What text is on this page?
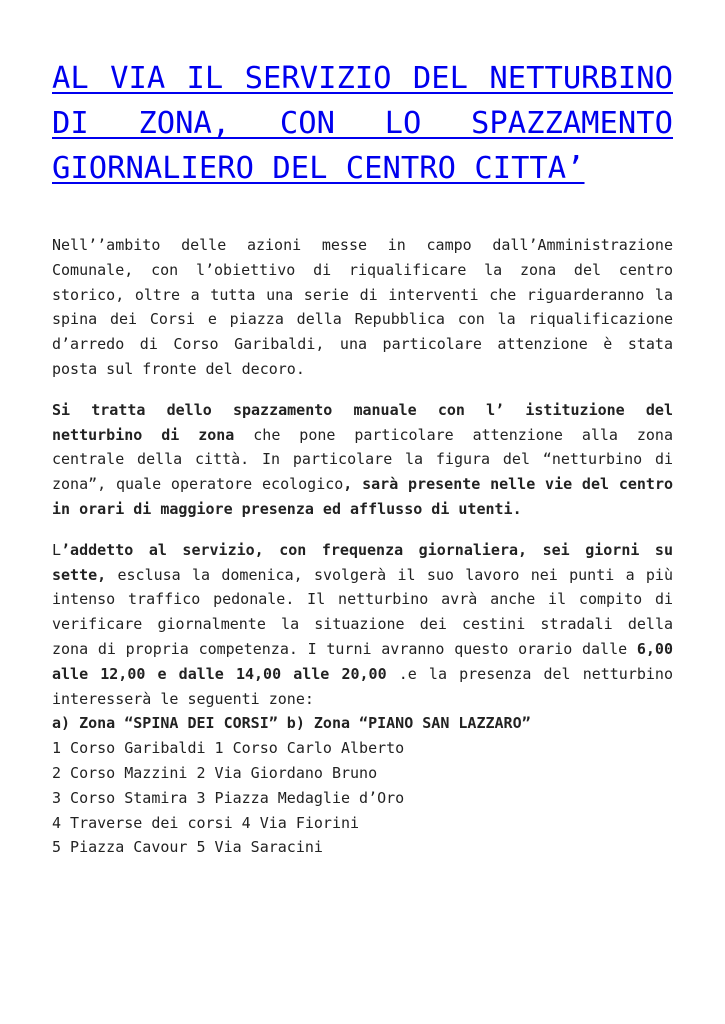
AL VIA IL SERVIZIO DEL NETTURBINO DI ZONA, CON LO SPAZZAMENTO GIORNALIERO DEL CENTRO CITTA’

Nell’’ambito delle azioni messe in campo dall’Amministrazione Comunale, con l’obiettivo di riqualificare la zona del centro storico, oltre a tutta una serie di interventi che riguarderanno la spina dei Corsi e piazza della Repubblica con la riqualificazione d’arredo di Corso Garibaldi, una particolare attenzione è stata posta sul fronte del decoro.

Si tratta dello spazzamento manuale con l’ istituzione del netturbino di zona che pone particolare attenzione alla zona centrale della città. In particolare la figura del “netturbino di zona”, quale operatore ecologico, sarà presente nelle vie del centro in orari di maggiore presenza ed afflusso di utenti.

L’addetto al servizio, con frequenza giornaliera, sei giorni su sette, esclusa la domenica, svolgerà il suo lavoro nei punti a più intenso traffico pedonale. Il netturbino avrà anche il compito di verificare giornalmente la situazione dei cestini stradali della zona di propria competenza. I turni avranno questo orario dalle 6,00 alle 12,00 e dalle 14,00 alle 20,00 .e la presenza del netturbino interesserà le seguenti zone:

a) Zona “SPINA DEI CORSI” b) Zona “PIANO SAN LAZZARO”
1 Corso Garibaldi 1 Corso Carlo Alberto
2 Corso Mazzini 2 Via Giordano Bruno
3 Corso Stamira 3 Piazza Medaglie d’Oro
4 Traverse dei corsi 4 Via Fiorini
5 Piazza Cavour 5 Via Saracini
